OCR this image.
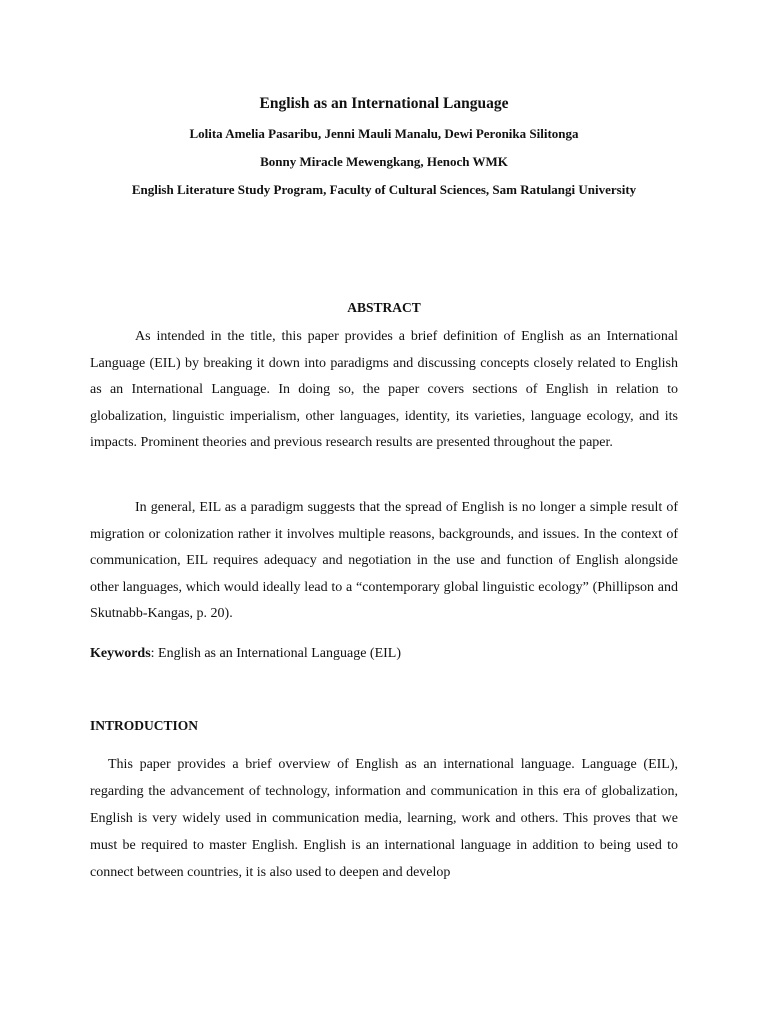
English as an International Language

Lolita Amelia Pasaribu, Jenni Mauli Manalu, Dewi Peronika Silitonga

Bonny Miracle Mewengkang, Henoch WMK

English Literature Study Program, Faculty of Cultural Sciences, Sam Ratulangi University

ABSTRACT

As intended in the title, this paper provides a brief definition of English as an International Language (EIL) by breaking it down into paradigms and discussing concepts closely related to English as an International Language. In doing so, the paper covers sections of English in relation to globalization, linguistic imperialism, other languages, identity, its varieties, language ecology, and its impacts. Prominent theories and previous research results are presented throughout the paper.

In general, EIL as a paradigm suggests that the spread of English is no longer a simple result of migration or colonization rather it involves multiple reasons, backgrounds, and issues. In the context of communication, EIL requires adequacy and negotiation in the use and function of English alongside other languages, which would ideally lead to a “contemporary global linguistic ecology” (Phillipson and Skutnabb-Kangas, p. 20).

Keywords: English as an International Language (EIL)

INTRODUCTION

This paper provides a brief overview of English as an international language. Language (EIL), regarding the advancement of technology, information and communication in this era of globalization, English is very widely used in communication media, learning, work and others. This proves that we must be required to master English. English is an international language in addition to being used to connect between countries, it is also used to deepen and develop
